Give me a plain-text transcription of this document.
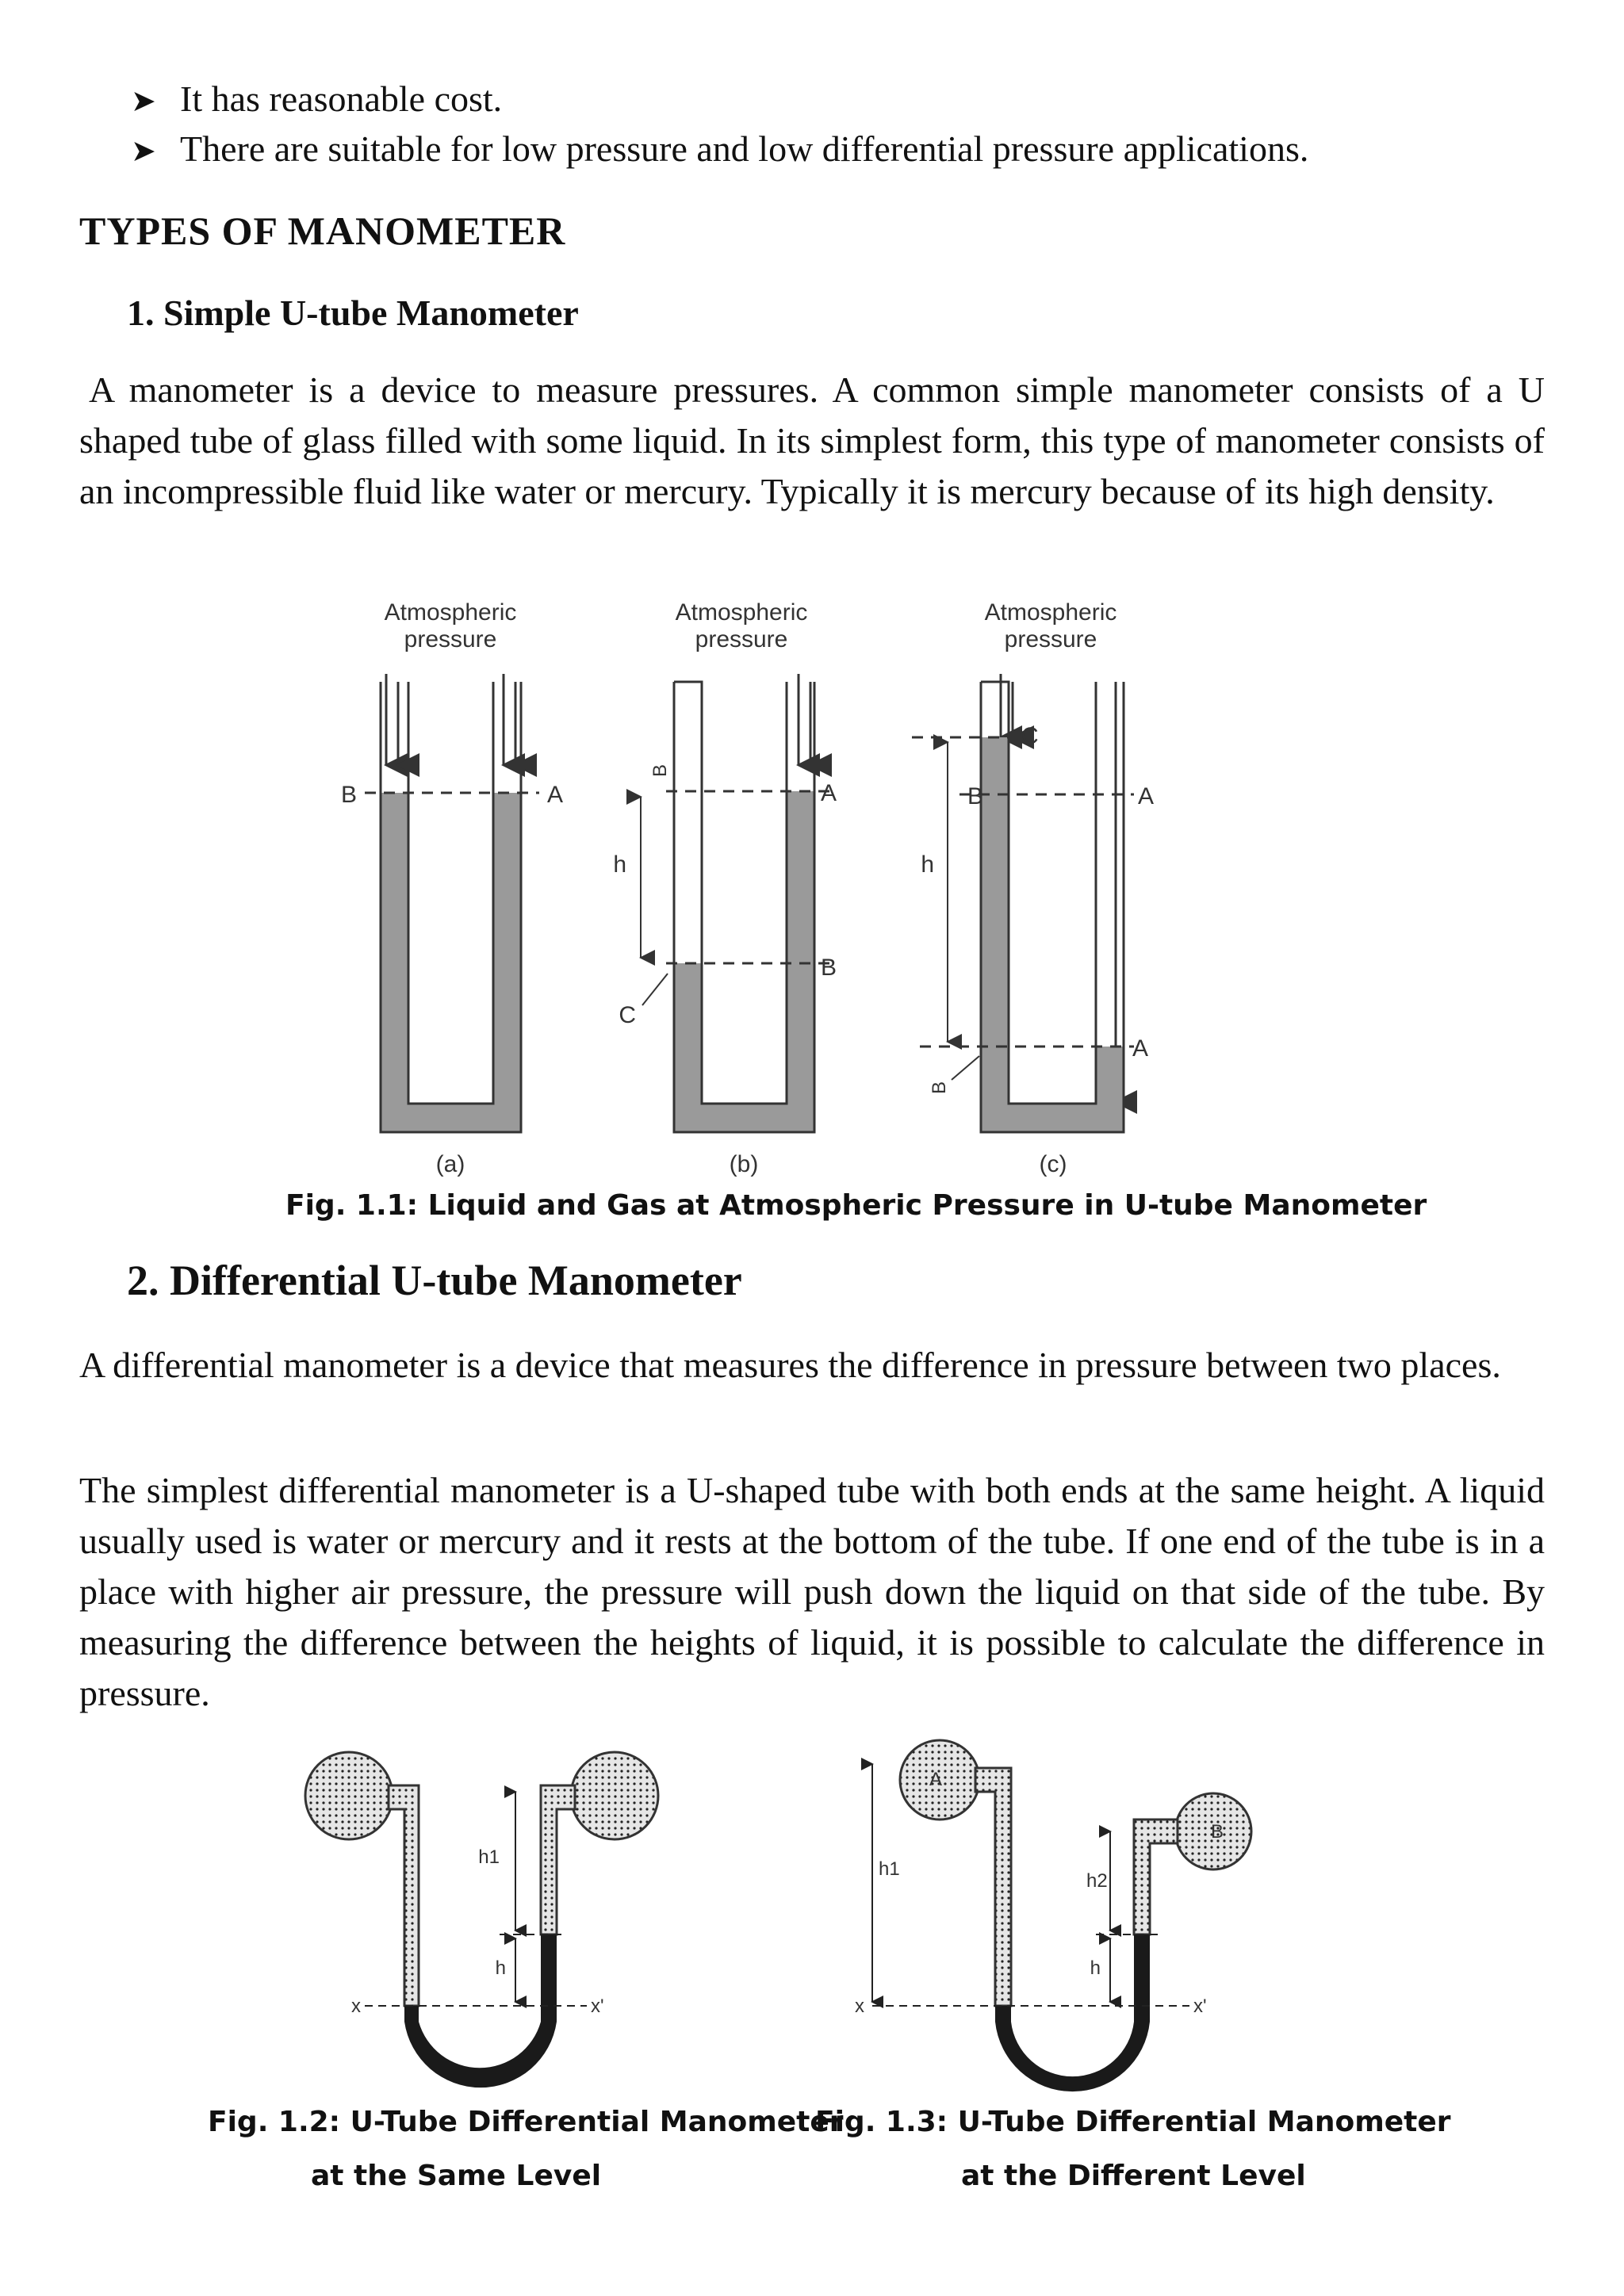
➤ It has reasonable cost.
➤ There are suitable for low pressure and low differential pressure applications.
TYPES OF MANOMETER
1. Simple U-tube Manometer

A manometer is a device to measure pressures. A common simple manometer consists of a U shaped tube of glass filled with some liquid. In its simplest form, this type of manometer consists of an incompressible fluid like water or mercury. Typically it is mercury because of its high density.

Atmospheric
pressure
B	A
(a)
Atmospheric
pressure
B
A
h
C
B
(b)
Atmospheric
pressure
C
B	A
h
A
B
(c)
Fig. 1.1: Liquid and Gas at Atmospheric Pressure in U-tube Manometer
2. Differential U-tube Manometer

A differential manometer is a device that measures the difference in pressure between two places.

The simplest differential manometer is a U-shaped tube with both ends at the same height. A liquid usually used is water or mercury and it rests at the bottom of the tube. If one end of the tube is in a place with higher air pressure, the pressure will push down the liquid on that side of the tube. By measuring the difference between the heights of liquid, it is possible to calculate the difference in pressure.

h1
h
x	x'
Fig. 1.2: U-Tube Differential Manometer
at the Same Level
A
B
h1
h2
h
x	x'
Fig. 1.3: U-Tube Differential Manometer
at the Different Level
